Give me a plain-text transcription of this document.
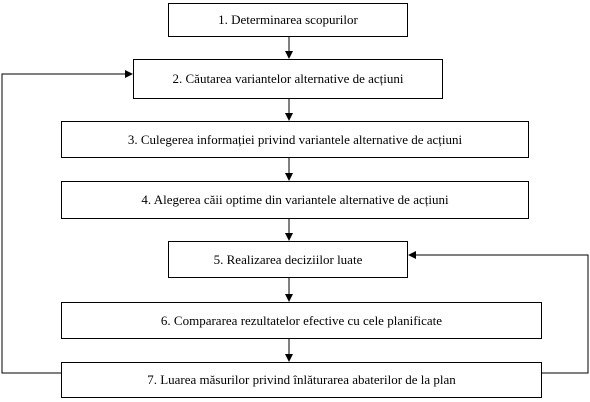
1. Determinarea scopurilor
2. Căutarea variantelor alternative de acțiuni
3. Culegerea informației privind variantele alternative de acțiuni
4. Alegerea căii optime din variantele alternative de acțiuni
5. Realizarea deciziilor luate
6. Compararea rezultatelor efective cu cele planificate
7. Luarea măsurilor privind înlăturarea abaterilor de la plan
